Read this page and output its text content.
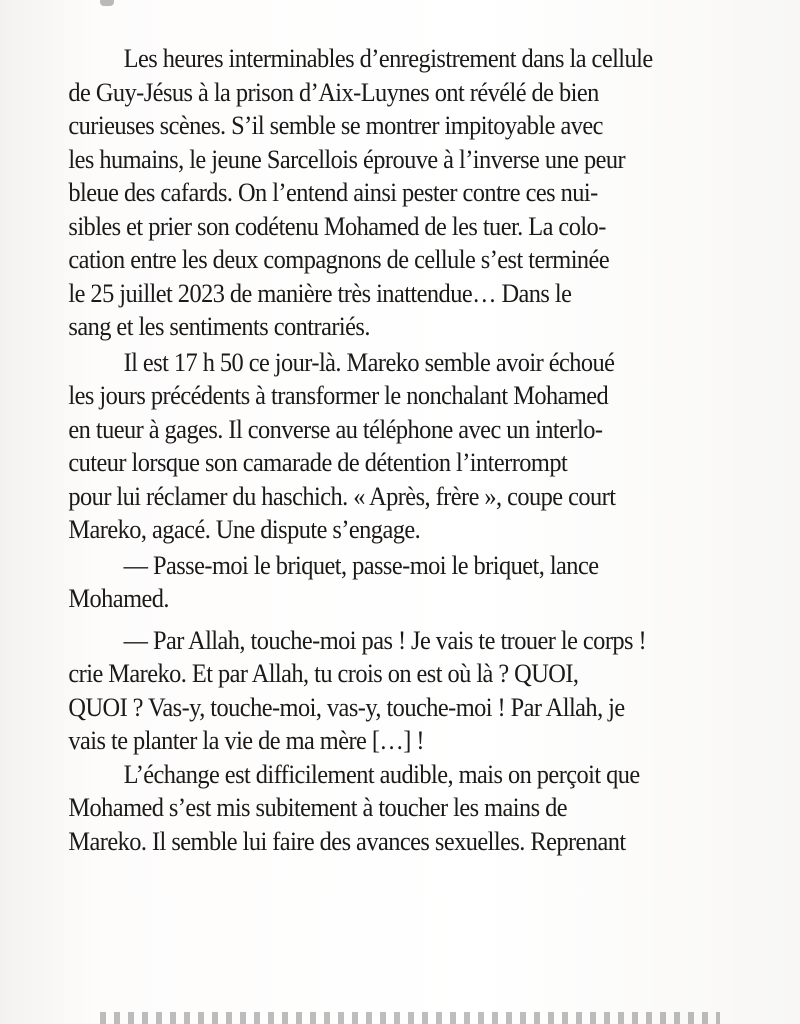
Les heures interminables d’enregistrement dans la cellule
de Guy-Jésus à la prison d’Aix-Luynes ont révélé de bien
curieuses scènes. S’il semble se montrer impitoyable avec
les humains, le jeune Sarcellois éprouve à l’inverse une peur
bleue des cafards. On l’entend ainsi pester contre ces nui-
sibles et prier son codétenu Mohamed de les tuer. La colo-
cation entre les deux compagnons de cellule s’est terminée
le 25 juillet 2023 de manière très inattendue… Dans le
sang et les sentiments contrariés.

Il est 17 h 50 ce jour-là. Mareko semble avoir échoué
les jours précédents à transformer le nonchalant Mohamed
en tueur à gages. Il converse au téléphone avec un interlo-
cuteur lorsque son camarade de détention l’interrompt
pour lui réclamer du haschich. « Après, frère », coupe court
Mareko, agacé. Une dispute s’engage.

— Passe-moi le briquet, passe-moi le briquet, lance
Mohamed.

— Par Allah, touche-moi pas ! Je vais te trouer le corps !
crie Mareko. Et par Allah, tu crois on est où là ? QUOI,
QUOI ? Vas-y, touche-moi, vas-y, touche-moi ! Par Allah, je
vais te planter la vie de ma mère […] !

L’échange est difficilement audible, mais on perçoit que
Mohamed s’est mis subitement à toucher les mains de
Mareko. Il semble lui faire des avances sexuelles. Reprenant
